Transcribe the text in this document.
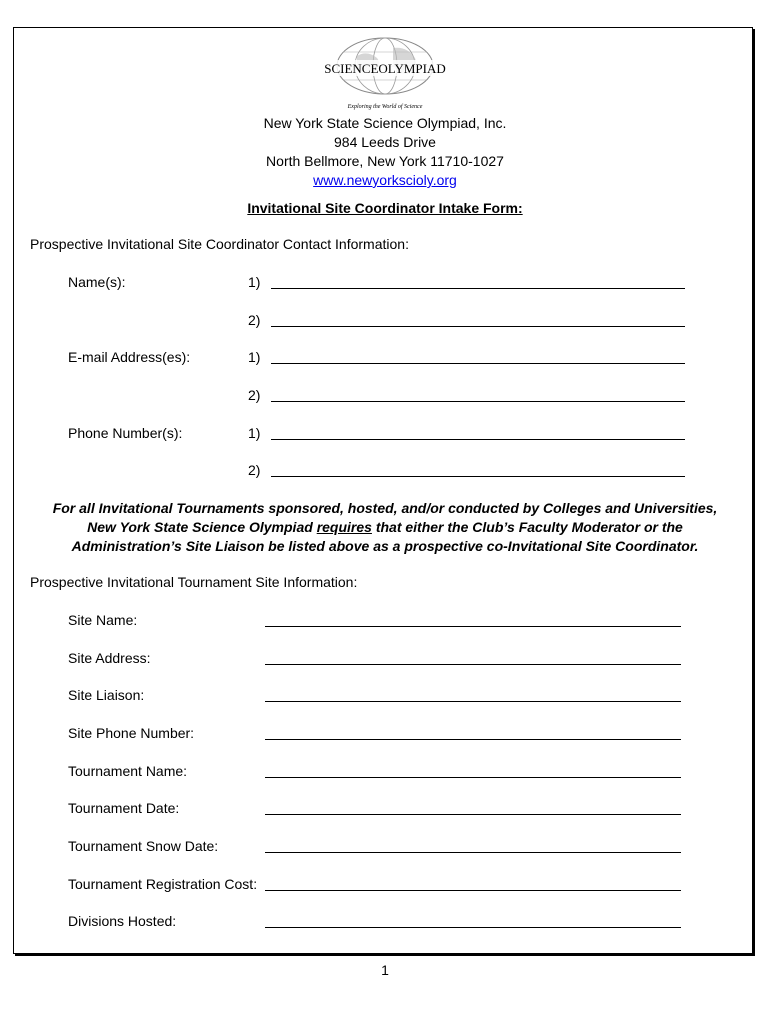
SCIENCEOLYMPIAD
Exploring the World of Science
New York State Science Olympiad, Inc.
984 Leeds Drive
North Bellmore, New York 11710-1027
www.newyorkscioly.org
Invitational Site Coordinator Intake Form:
Prospective Invitational Site Coordinator Contact Information:
Name(s):	1)
2)
E-mail Address(es):	1)
2)
Phone Number(s):	1)
2)
For all Invitational Tournaments sponsored, hosted, and/or conducted by Colleges and Universities,
New York State Science Olympiad requires that either the Club’s Faculty Moderator or the
Administration’s Site Liaison be listed above as a prospective co-Invitational Site Coordinator.
Prospective Invitational Tournament Site Information:
Site Name:
Site Address:
Site Liaison:
Site Phone Number:
Tournament Name:
Tournament Date:
Tournament Snow Date:
Tournament Registration Cost:
Divisions Hosted:
1
